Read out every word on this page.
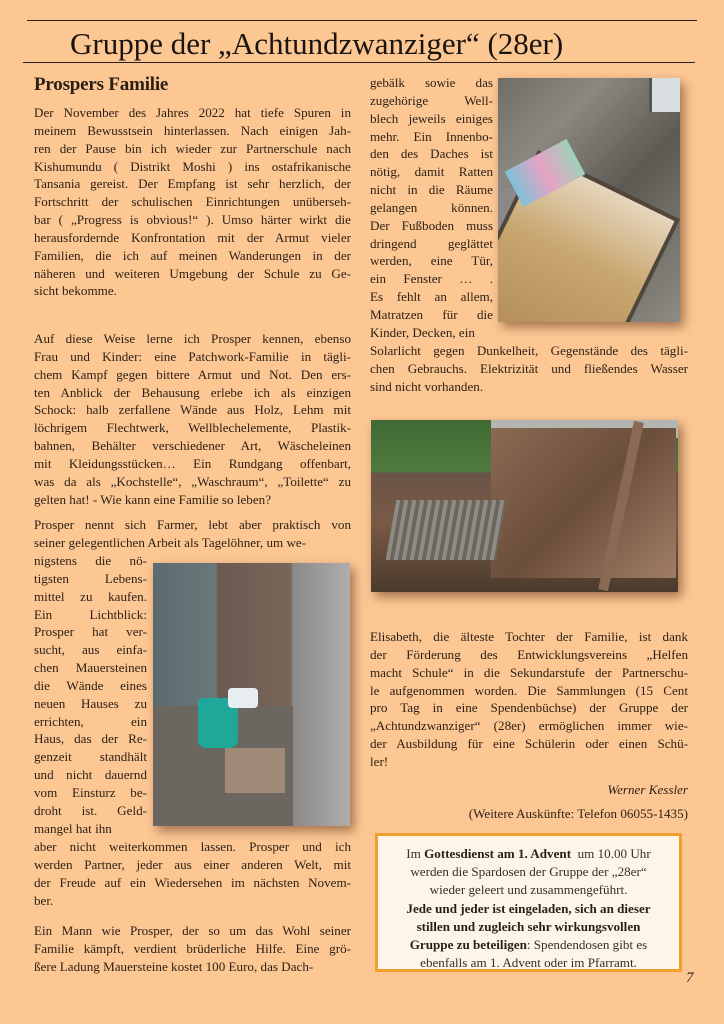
Gruppe der „Achtundzwanziger“ (28er)
Prospers Familie
Der November des Jahres 2022 hat tiefe Spuren in
meinem Bewusstsein hinterlassen. Nach einigen Jah-
ren der Pause bin ich wieder zur Partnerschule nach
Kishumundu ( Distrikt Moshi ) ins ostafrikanische
Tansania gereist. Der Empfang ist sehr herzlich, der
Fortschritt der schulischen Einrichtungen unüberseh-
bar ( „Progress is obvious!“ ). Umso härter wirkt die
herausfordernde Konfrontation mit der Armut vieler
Familien, die ich auf meinen Wanderungen in der
näheren und weiteren Umgebung der Schule zu Ge-
sicht bekomme.
Auf diese Weise lerne ich Prosper kennen, ebenso
Frau und Kinder: eine Patchwork-Familie in tägli-
chem Kampf gegen bittere Armut und Not. Den ers-
ten Anblick der Behausung erlebe ich als einzigen
Schock: halb zerfallene Wände aus Holz, Lehm mit
löchrigem Flechtwerk, Wellblechelemente, Plastik-
bahnen, Behälter verschiedener Art, Wäscheleinen
mit Kleidungsstücken… Ein Rundgang offenbart,
was da als „Kochstelle“, „Waschraum“, „Toilette“ zu
gelten hat! - Wie kann eine Familie so leben?
Prosper nennt sich Farmer, lebt aber praktisch von
seiner gelegentlichen Arbeit als Tagelöhner, um we-
nigstens die nö-
tigsten Lebens-
mittel zu kaufen.
Ein Lichtblick:
Prosper hat ver-
sucht, aus einfa-
chen Mauersteinen
die Wände eines
neuen Hauses zu
errichten, ein
Haus, das der Re-
genzeit standhält
und nicht dauernd
vom Einsturz be-
droht ist. Geld-
mangel hat ihn
aber nicht weiterkommen lassen. Prosper und ich
werden Partner, jeder aus einer anderen Welt, mit
der Freude auf ein Wiedersehen im nächsten Novem-
ber.
Ein Mann wie Prosper, der so um das Wohl seiner
Familie kämpft, verdient brüderliche Hilfe. Eine grö-
ßere Ladung Mauersteine kostet 100 Euro, das Dach-
gebälk sowie das
zugehörige Well-
blech jeweils einiges
mehr. Ein Innenbo-
den des Daches ist
nötig, damit Ratten
nicht in die Räume
gelangen können.
Der Fußboden muss
dringend geglättet
werden, eine Tür,
ein Fenster … .
Es fehlt an allem,
Matratzen für die
Kinder, Decken, ein
Solarlicht gegen Dunkelheit, Gegenstände des tägli-
chen Gebrauchs. Elektrizität und fließendes Wasser
sind nicht vorhanden.
Elisabeth, die älteste Tochter der Familie, ist dank
der Förderung des Entwicklungsvereins „Helfen
macht Schule“ in die Sekundarstufe der Partnerschu-
le aufgenommen worden. Die Sammlungen (15 Cent
pro Tag in eine Spendenbüchse) der Gruppe der
„Achtundzwanziger“ (28er) ermöglichen immer wie-
der Ausbildung für eine Schülerin oder einen Schü-
ler!
Werner Kessler
(Weitere Auskünfte: Telefon 06055-1435)
Im Gottesdienst am 1. Advent  um 10.00 Uhr
werden die Spardosen der Gruppe der „28er“
wieder geleert und zusammengeführt.
Jede und jeder ist eingeladen, sich an dieser
stillen und zugleich sehr wirkungsvollen
Gruppe zu beteiligen: Spendendosen gibt es
ebenfalls am 1. Advent oder im Pfarramt.
7
